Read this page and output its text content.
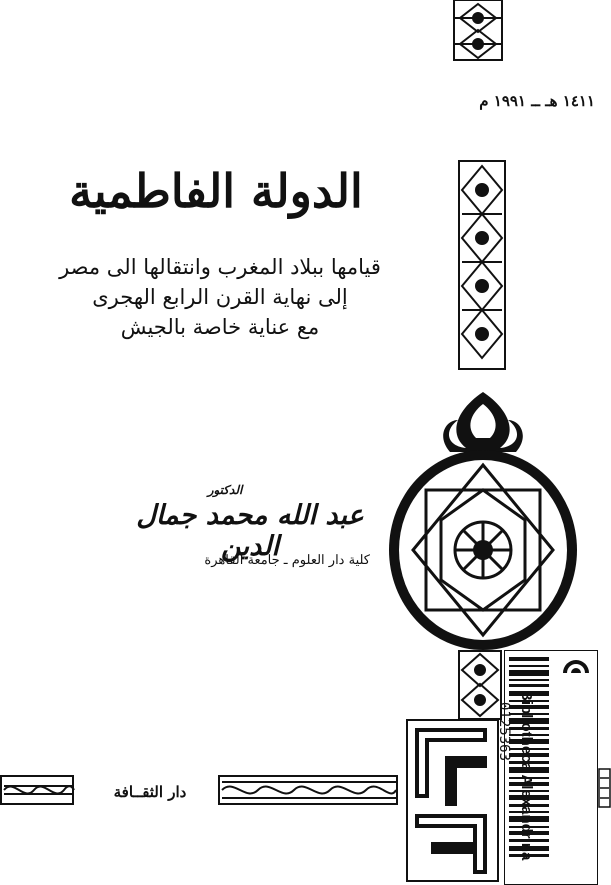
١٤١١ هـ ــ ١٩٩١ م
الدولة الفاطمية
قيامها ببلاد المغرب وانتقالها الى مصر
إلى نهاية القرن الرابع الهجرى
مع عناية خاصة بالجيش
الدكتور
عبد الله محمد جمال الدين
كلية دار العلوم ـ جامعة القاهرة
دار الثقــافة
0125363 Bibliotheca Alexandrina
